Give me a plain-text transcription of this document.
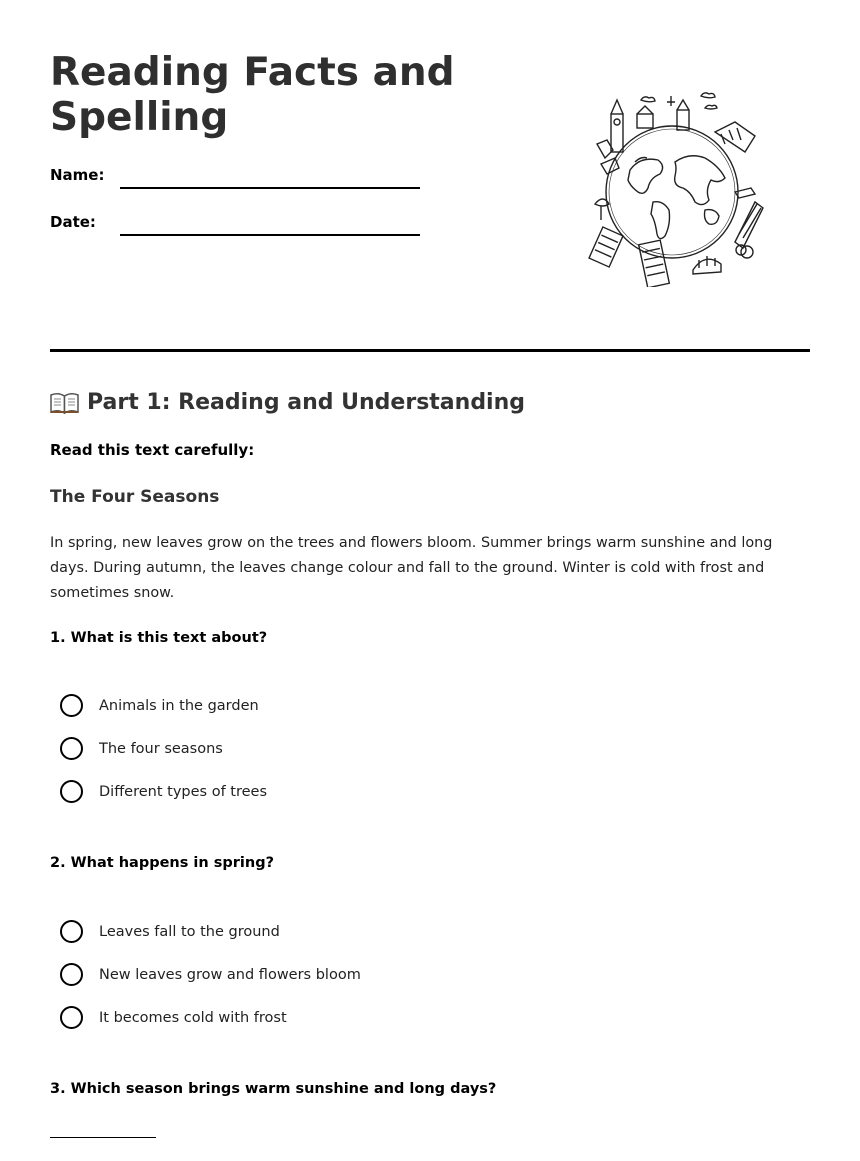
Reading Facts and Spelling
Name:
Date:
Part 1: Reading and Understanding
Read this text carefully:
The Four Seasons

In spring, new leaves grow on the trees and flowers bloom. Summer brings warm sunshine and long days. During autumn, the leaves change colour and fall to the ground. Winter is cold with frost and sometimes snow.

1. What is this text about?

Animals in the garden
The four seasons
Different types of trees

2. What happens in spring?

Leaves fall to the ground
New leaves grow and flowers bloom
It becomes cold with frost

3. Which season brings warm sunshine and long days?
